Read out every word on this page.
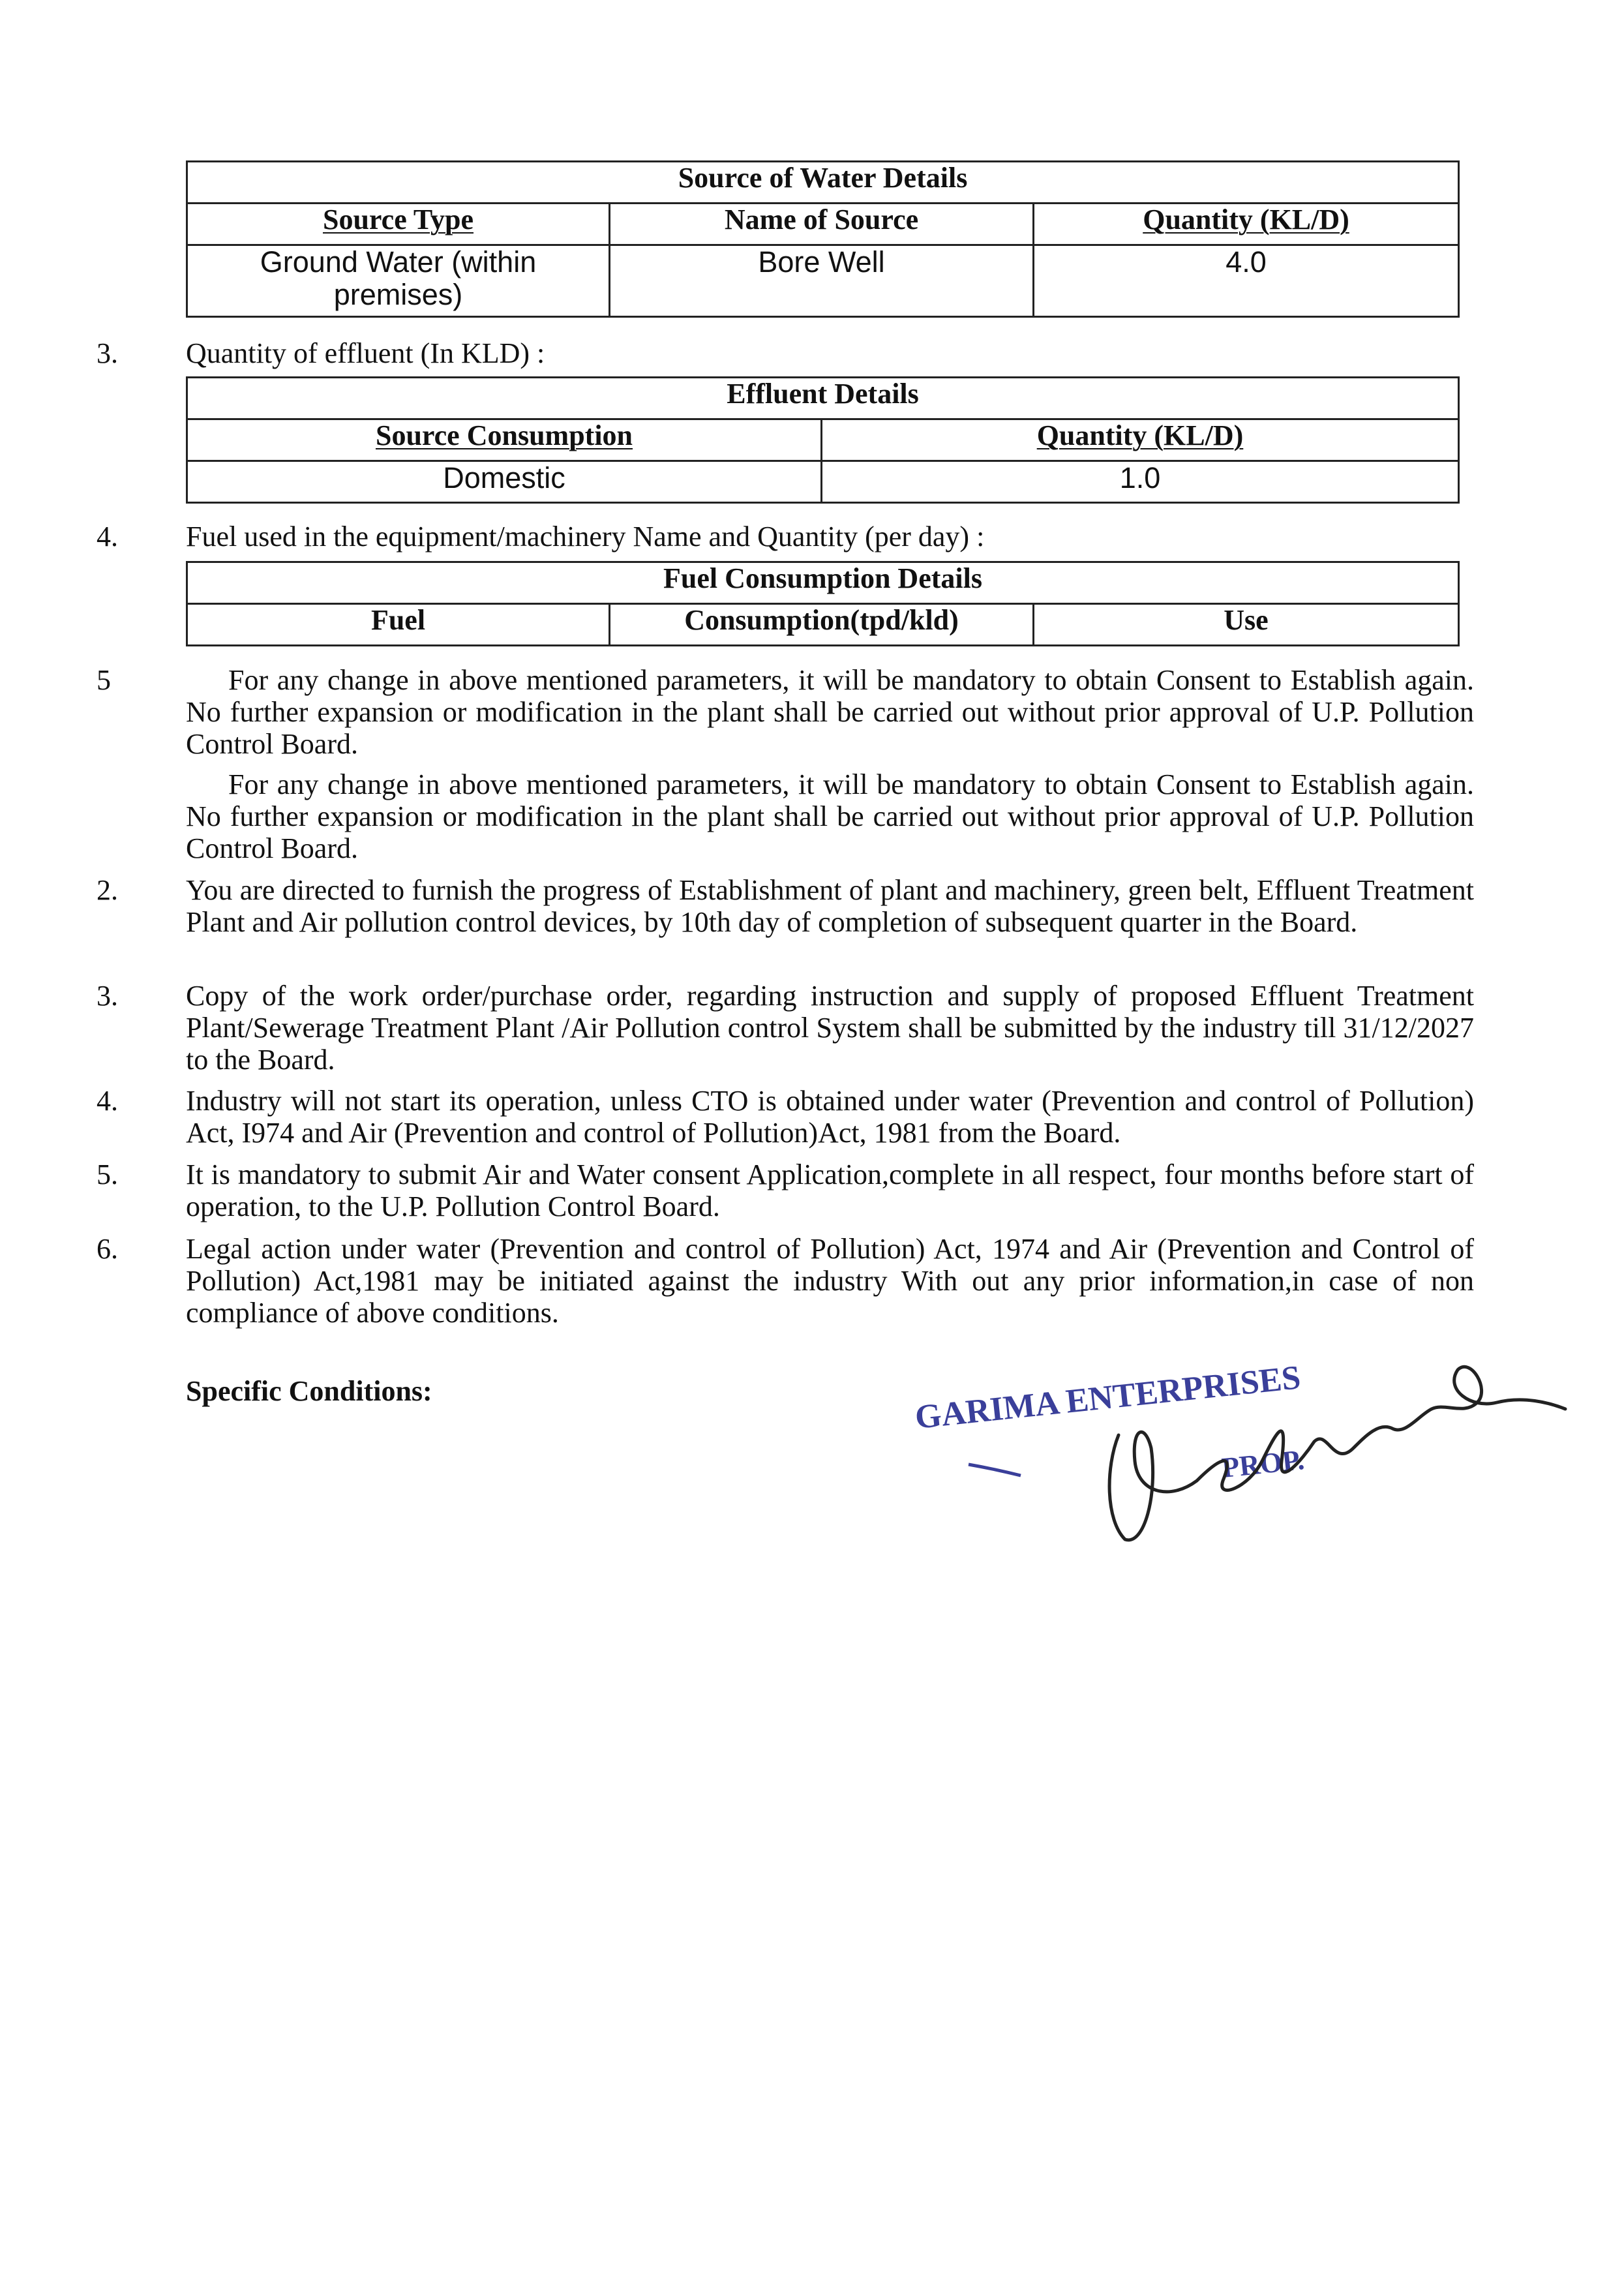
Source of Water Details		
Source Type	Name of Source	Quantity (KL/D)
Ground Water (within premises)	Bore Well	4.0
3. Quantity of effluent (In KLD) :
Effluent Details	
Source Consumption	Quantity (KL/D)
Domestic	1.0
4. Fuel used in the equipment/machinery Name and Quantity (per day) :
Fuel Consumption Details
Fuel	Consumption(tpd/kld)	Use
5	For any change in above mentioned parameters, it will be mandatory to obtain Consent to Establish again. No further expansion or modification in the plant shall be carried out without prior approval of U.P. Pollution Control Board.
For any change in above mentioned parameters, it will be mandatory to obtain Consent to Establish again. No further expansion or modification in the plant shall be carried out without prior approval of U.P. Pollution Control Board.
2. You are directed to furnish the progress of Establishment of plant and machinery, green belt, Effluent Treatment Plant and Air pollution control devices, by 10th day of completion of subsequent quarter in the Board.
3. Copy of the work order/purchase order, regarding instruction and supply of proposed Effluent Treatment Plant/Sewerage Treatment Plant /Air Pollution control System shall be submitted by the industry till 31/12/2027 to the Board.
4. Industry will not start its operation, unless CTO is obtained under water (Prevention and control of Pollution) Act, I974 and Air (Prevention and control of Pollution)Act, 1981 from the Board.
5. It is mandatory to submit Air and Water consent Application,complete in all respect, four months before start of operation, to the U.P. Pollution Control Board.
6. Legal action under water (Prevention and control of Pollution) Act, 1974 and Air (Prevention and Control of Pollution) Act,1981 may be initiated against the industry With out any prior information,in case of non compliance of above conditions.
Specific Conditions:	GARIMA ENTERPRISES
PROP.
